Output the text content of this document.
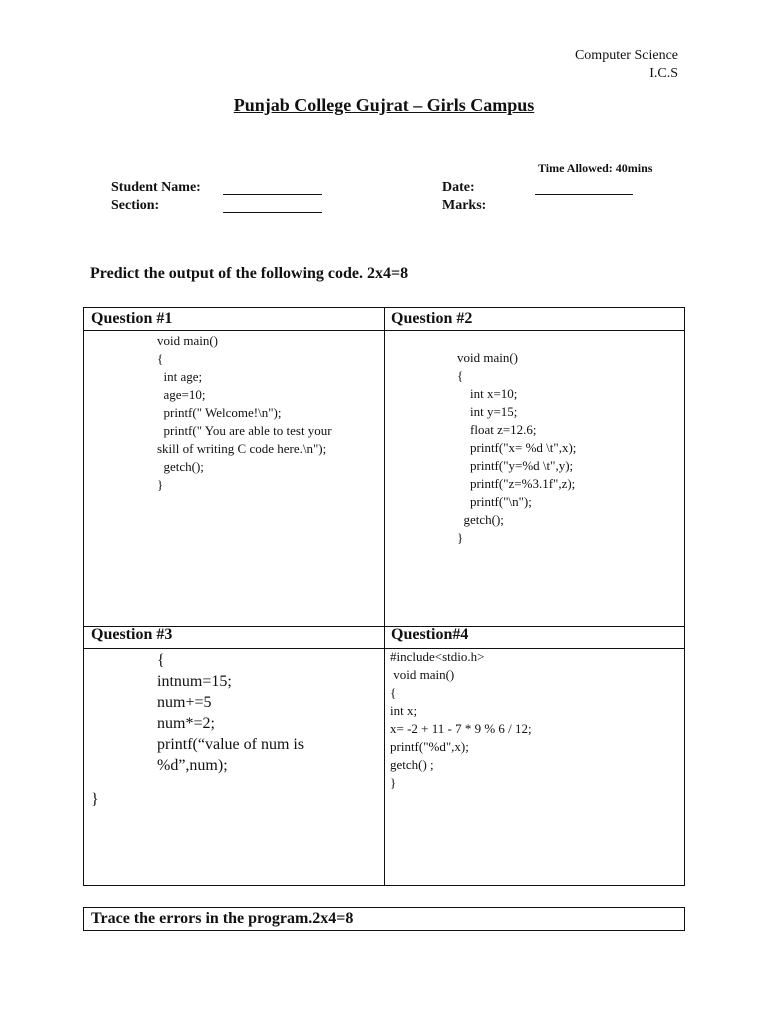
Computer Science
I.C.S
Punjab College Gujrat – Girls Campus
Time Allowed: 40mins
Student Name:
Section:
Date:
Marks:
Predict the output of the following code. 2x4=8
Question #1	Question #2
void main()
{
int age;
age=10;
printf(" Welcome!\n");
printf(" You are able to test your
skill of writing C code here.\n");
getch();
}
void main()
{
int x=10;
int y=15;
float z=12.6;
printf("x= %d \t",x);
printf("y=%d \t",y);
printf("z=%3.1f",z);
printf("\n");
getch();
}
Question #3	Question#4
{
intnum=15;
num+=5
num*=2;
printf(“value of num is
%d”,num);
}
#include<stdio.h>
void main()
{
int x;
x= -2 + 11 - 7 * 9 % 6 / 12;
printf("%d",x);
getch() ;
}
Trace the errors in the program.2x4=8
